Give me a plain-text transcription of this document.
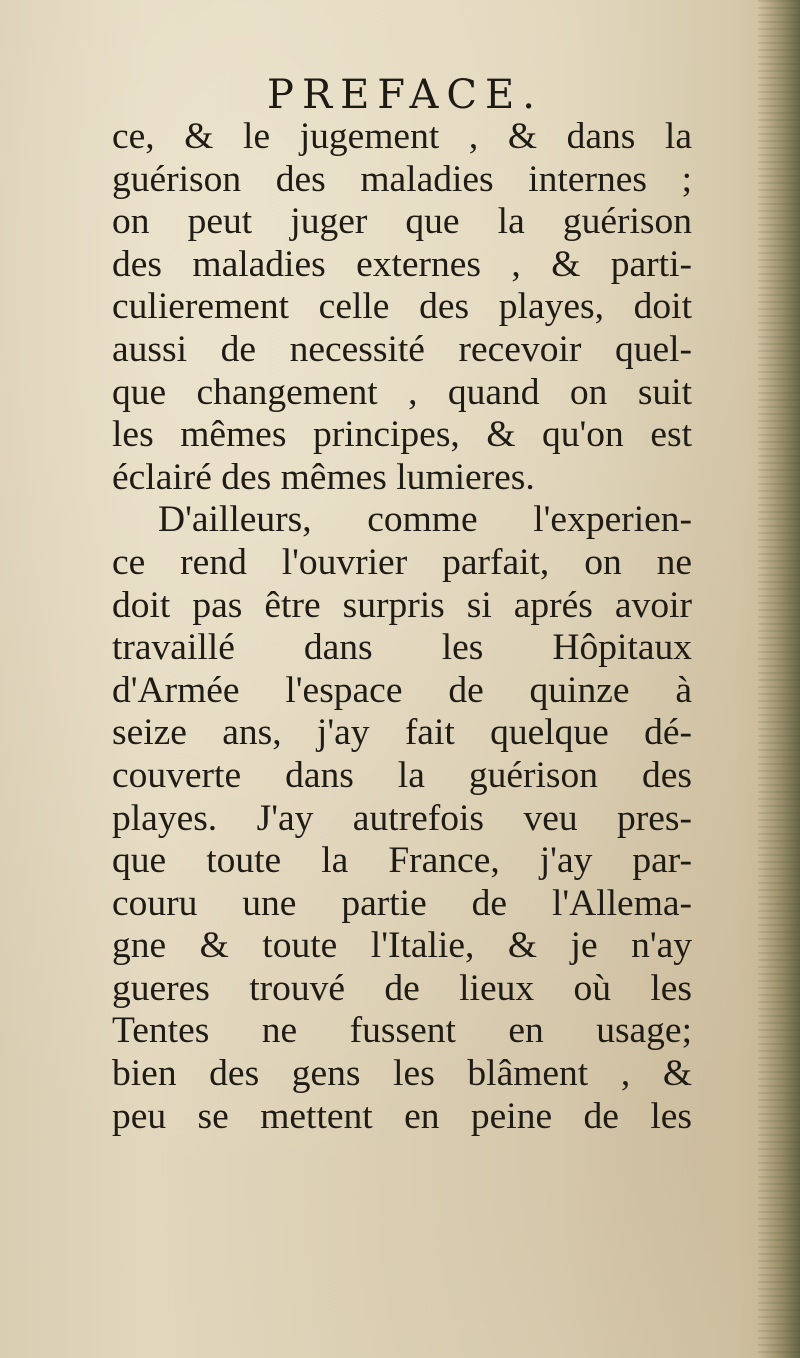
PREFACE.
ce, & le jugement , & dans la
guérison des maladies internes ;
on peut juger que la guérison
des maladies externes , & parti-
culierement celle des playes, doit
aussi de necessité recevoir quel-
que changement , quand on suit
les mêmes principes, & qu'on est
éclairé des mêmes lumieres.
D'ailleurs, comme l'experien-
ce rend l'ouvrier parfait, on ne
doit pas être surpris si aprés avoir
travaillé dans les Hôpitaux
d'Armée l'espace de quinze à
seize ans, j'ay fait quelque dé-
couverte dans la guérison des
playes. J'ay autrefois veu pres-
que toute la France, j'ay par-
couru une partie de l'Allema-
gne & toute l'Italie, & je n'ay
gueres trouvé de lieux où les
Tentes ne fussent en usage;
bien des gens les blâment , &
peu se mettent en peine de les
